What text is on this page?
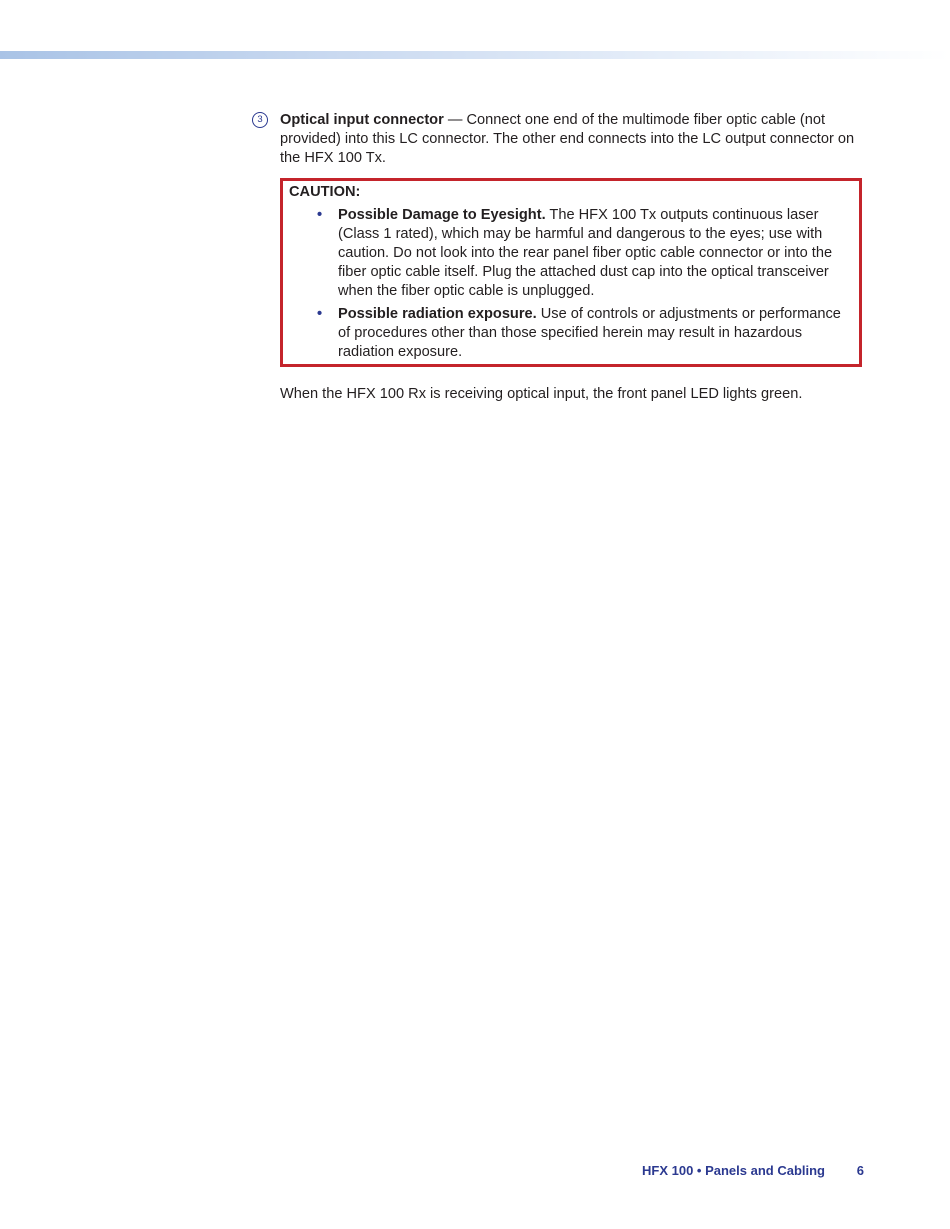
3	Optical input connector — Connect one end of the multimode fiber optic cable (not provided) into this LC connector. The other end connects into the LC output connector on the HFX 100 Tx.
CAUTION:
• Possible Damage to Eyesight. The HFX 100 Tx outputs continuous laser (Class 1 rated), which may be harmful and dangerous to the eyes; use with caution. Do not look into the rear panel fiber optic cable connector or into the fiber optic cable itself. Plug the attached dust cap into the optical transceiver when the fiber optic cable is unplugged.
• Possible radiation exposure. Use of controls or adjustments or performance of procedures other than those specified herein may result in hazardous radiation exposure.
When the HFX 100 Rx is receiving optical input, the front panel LED lights green.
HFX 100 • Panels and Cabling 6
